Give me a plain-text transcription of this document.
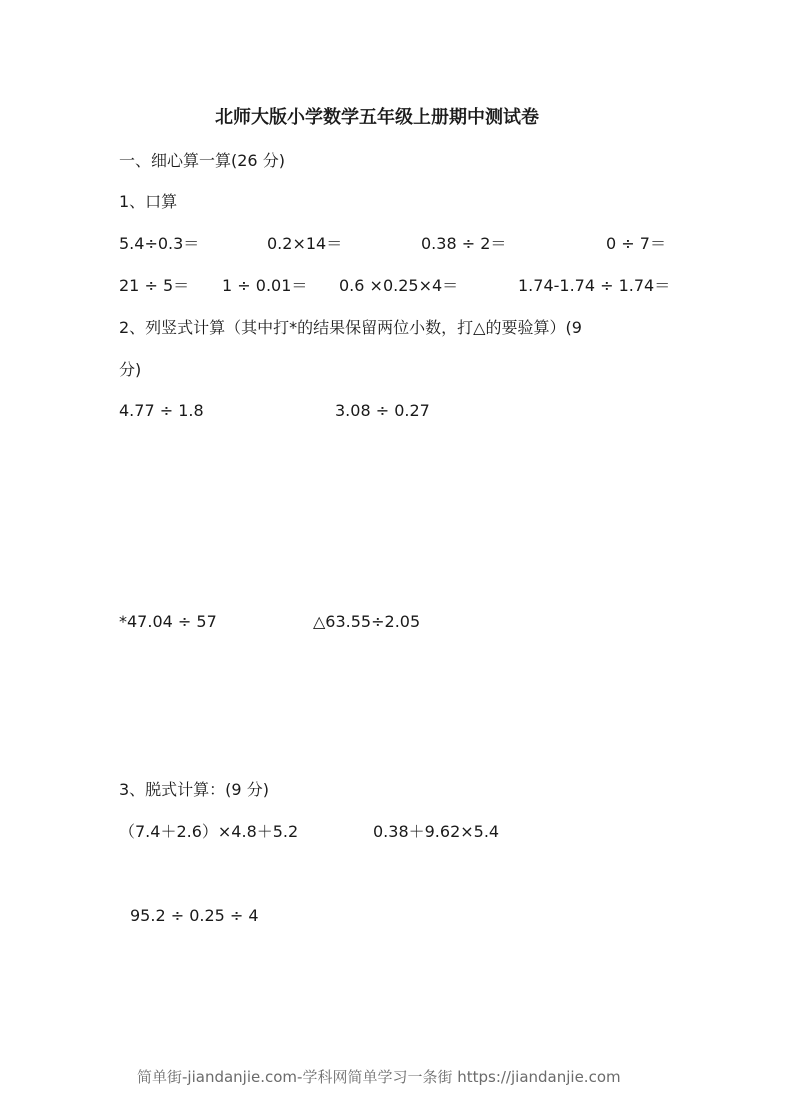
北师大版小学数学五年级上册期中测试卷
一、细心算一算(26 分)
1、口算
5.4÷0.3＝	0.2×14＝	0.38 ÷ 2＝	0 ÷ 7＝
21 ÷ 5＝ 1 ÷ 0.01＝ 0.6 ×0.25×4＝	1.74-1.74 ÷ 1.74＝
2、列竖式计算（其中打*的结果保留两位小数，打△的要验算）(9
分)
4.77 ÷ 1.8	3.08 ÷ 0.27
*47.04 ÷ 57	△63.55÷2.05
3、脱式计算：(9 分)
（7.4＋2.6）×4.8＋5.2	0.38＋9.62×5.4
95.2 ÷ 0.25 ÷ 4
简单街-jiandanjie.com-学科网简单学习一条街 https://jiandanjie.com
